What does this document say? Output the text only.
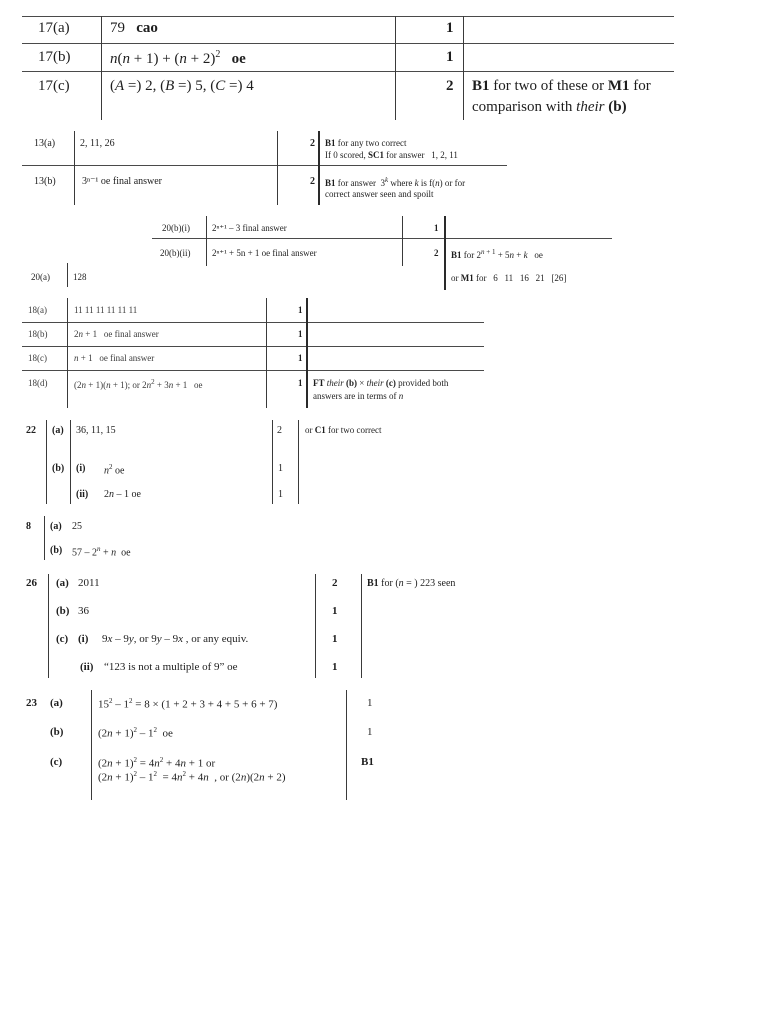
17(a)	79   cao	1
17(b)	$n(n + 1) + (n + 2)^2$ oe	1
17(c)	(A =) 2, (B =) 5, (C =) 4	2 B1 for two of these or M1 for
comparison with their (b)
13(a) 2, 11, 26	2 B1 for any two correct
If 0 scored, SC1 for answer   1, 2, 11
13(b)	3ⁿ⁻¹ oe final answer	2 B1 for answer  3$^k$ where k is f(n) or for
correct answer seen and spoilt
20(b)(i) 2ⁿ⁺¹ – 3 final answer	1
20(b)(ii) 2ⁿ⁺¹ + 5n + 1 oe final answer	2 B1 for $2^{n + 1} + 5n + k$   oe
or M1 for   6   11   16   21   [26]
20(a)	128
18(a)	11 11 11 11 11 11	1
18(b)	2n + 1   oe final answer	1
18(c)	n + 1   oe final answer	1
18(d)	(2n + 1)(n + 1); or $2n^2 + 3n + 1$   oe	1 FT their (b) × their (c) provided both
answers are in terms of n
22 (a) 36, 11, 15	2	or C1 for two correct
(b) (i) $n^2$ oe	1
(ii) 2n – 1 oe	1
8 (a) 25
(b) $57 - 2^n + n$  oe
26 (a) 2011	2	B1 for (n = ) 223 seen
(b) 36	1
(c) (i) 9x – 9y, or 9y – 9x , or any equiv.	1
(ii) “123 is not a multiple of 9” oe	1
23 (a)	$15^2 - 1^2 = 8 \times (1 + 2 + 3 + 4 + 5 + 6 + 7)$	1
(b)	$(2n + 1)^2 - 1^2$  oe	1
(c)	$(2n + 1)^2 = 4n^2 + 4n + 1$ or
$(2n + 1)^2 - 1^2 = 4n^2 + 4n$  , or (2n)(2n + 2)
B1
